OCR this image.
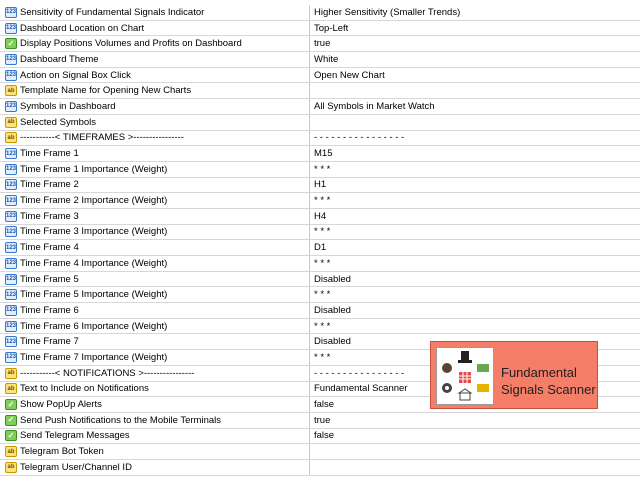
123 Sensitivity of Fundamental Signals Indicator	Higher Sensitivity (Smaller Trends)
123 Dashboard Location on Chart	Top-Left
✓ Display Positions Volumes and Profits on Dashboard	true
123 Dashboard Theme	White
123 Action on Signal Box Click	Open New Chart
ab Template Name for Opening New Charts
123 Symbols in Dashboard	All Symbols in Market Watch
ab Selected Symbols
ab -----------< TIMEFRAMES >----------------	- - - - - - - - - - - - - - - -
123 Time Frame 1	M15
123 Time Frame 1 Importance (Weight)	* * *
123 Time Frame 2	H1
123 Time Frame 2 Importance (Weight)	* * *
123 Time Frame 3	H4
123 Time Frame 3 Importance (Weight)	* * *
123 Time Frame 4	D1
123 Time Frame 4 Importance (Weight)	* * *
123 Time Frame 5	Disabled
123 Time Frame 5 Importance (Weight)	* * *
123 Time Frame 6	Disabled
123 Time Frame 6 Importance (Weight)	* * *
123 Time Frame 7	Disabled
123 Time Frame 7 Importance (Weight)	* * *
ab -----------< NOTIFICATIONS >----------------	- - - - - - - - - - - - - - - -
ab Text to Include on Notifications	Fundamental Scanner
✓ Show PopUp Alerts	false
✓ Send Push Notifications to the Mobile Terminals	true
✓ Send Telegram Messages	false
ab Telegram Bot Token
ab Telegram User/Channel ID
Fundamental Signals Scanner
